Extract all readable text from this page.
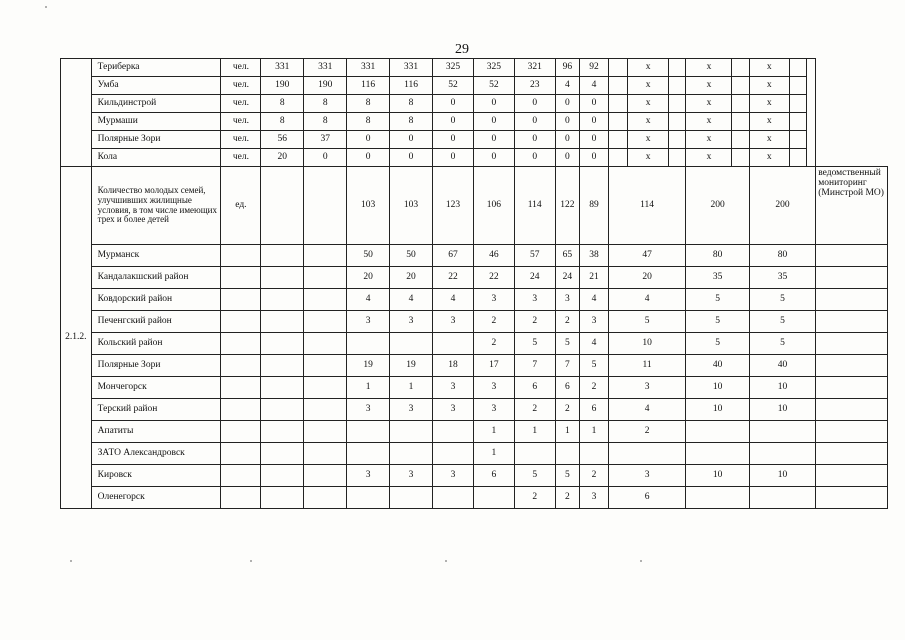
29
	Териберка	чел.	331	331	331	331	325	325	321	96	92		х		х		х			
	Умба	чел.	190	190	116	116	52	52	23	4	4		х		х		х			
	Кильдинстрой	чел.	8	8	8	8	0	0	0	0	0		х		х		х			
	Мурмаши	чел.	8	8	8	8	0	0	0	0	0		х		х		х			
	Полярные Зори	чел.	56	37	0	0	0	0	0	0	0		х		х		х			
	Кола	чел.	20	0	0	0	0	0	0	0	0		х		х		х			
2.1.2.	Количество молодых семей, улучшивших жилищные условия, в том числе имеющих трех и более детей	ед.			103	103	123	106	114	122	89	114			200		200			ведомственный мониторинг (Минстрой МО)
	Мурманск				50	50	67	46	57	65	38	47			80		80			
	Кандалакшский район				20	20	22	22	24	24	21	20			35		35			
	Ковдорский район				4	4	4	3	3	3	4	4			5		5			
	Печенгский район				3	3	3	2	2	2	3	5			5		5			
	Кольский район							2	5	5	4	10			5		5			
	Полярные Зори				19	19	18	17	7	7	5	11			40		40			
	Мончегорск				1	1	3	3	6	6	2	3			10		10			
	Терский район				3	3	3	3	2	2	6	4			10		10			
	Апатиты							1	1	1	1	2								
	ЗАТО Александровск							1												
	Кировск				3	3	3	6	5	5	2	3			10		10			
	Оленегорск								2	2	3	6								
